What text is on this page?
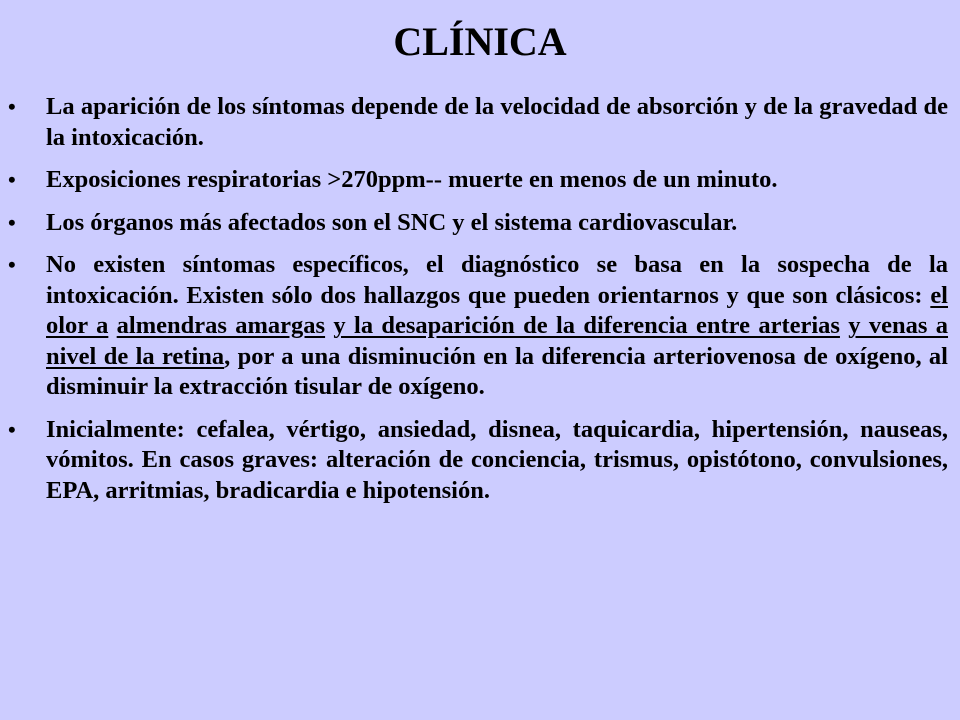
CLÍNICA
• La aparición de los síntomas depende de la velocidad de absorción y de la gravedad de la intoxicación.
• Exposiciones respiratorias >270ppm-- muerte en menos de un minuto.
• Los órganos más afectados son el SNC y el sistema cardiovascular.
• No existen síntomas específicos, el diagnóstico se basa en la sospecha de la intoxicación. Existen sólo dos hallazgos que pueden orientarnos y que son clásicos: el olor a almendras amargas y la desaparición de la diferencia entre arterias y venas a nivel de la retina, por a una disminución en la diferencia arteriovenosa de oxígeno, al disminuir la extracción tisular de oxígeno.
• Inicialmente: cefalea, vértigo, ansiedad, disnea, taquicardia, hipertensión, nauseas, vómitos. En casos graves: alteración de conciencia, trismus, opistótono, convulsiones, EPA, arritmias, bradicardia e hipotensión.
